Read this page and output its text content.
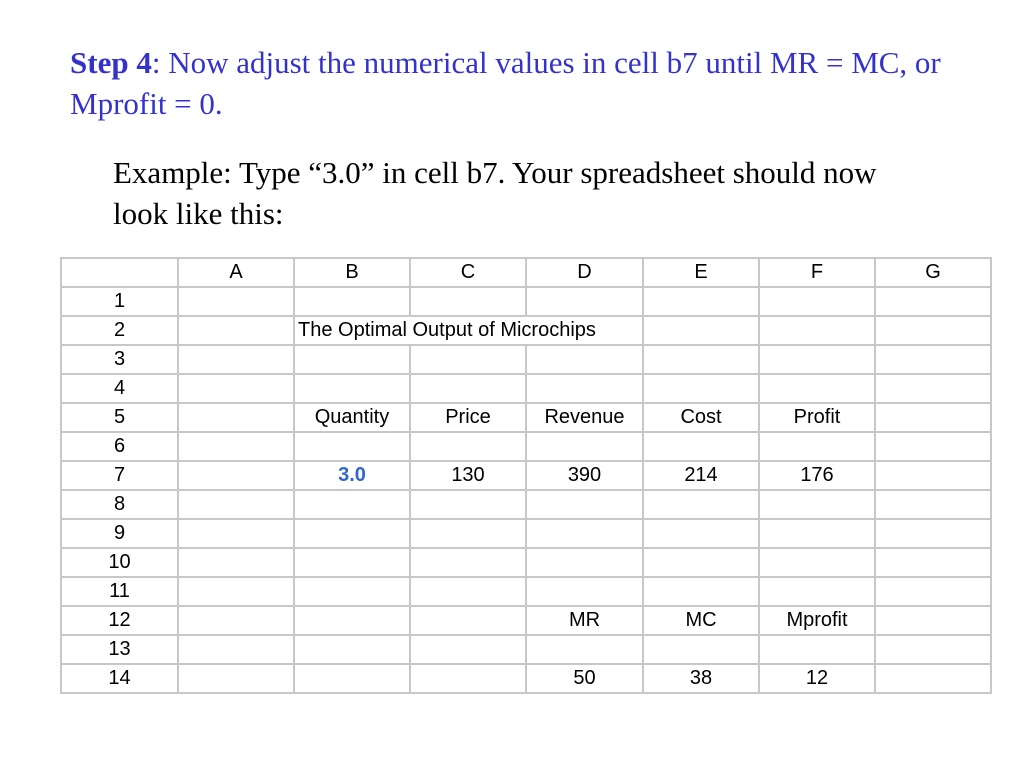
Step 4: Now adjust the numerical values in cell b7 until MR = MC, or Mprofit = 0.
Example: Type “3.0” in cell b7. Your spreadsheet should now look like this:
	A	B	C	D	E	F	G
1							
2		The Optimal Output of Microchips					
3							
4							
5		Quantity	Price	Revenue	Cost	Profit	
6							
7		3.0	130	390	214	176	
8							
9							
10							
11							
12				MR	MC	Mprofit	
13							
14				50	38	12	
